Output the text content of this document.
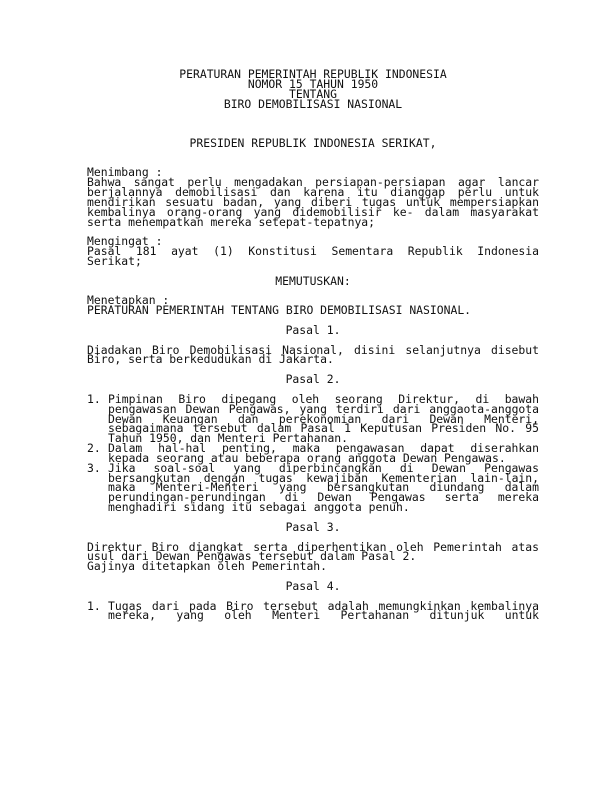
PERATURAN PEMERINTAH REPUBLIK INDONESIA
NOMOR 15 TAHUN 1950
TENTANG
BIRO DEMOBILISASI NASIONAL
PRESIDEN REPUBLIK INDONESIA SERIKAT,
Menimbang :
Bahwa sangat perlu mengadakan persiapan-persiapan agar lancar
berjalannya demobilisasi dan karena itu dianggap perlu untuk
mendirikan sesuatu badan, yang diberi tugas untuk mempersiapkan
kembalinya orang-orang yang didemobilisir ke- dalam masyarakat
serta menempatkan mereka setepat-tepatnya;
Mengingat :
Pasal 181 ayat (1) Konstitusi Sementara Republik Indonesia
Serikat;
MEMUTUSKAN:
Menetapkan :
PERATURAN PEMERINTAH TENTANG BIRO DEMOBILISASI NASIONAL.
Pasal 1.
Diadakan Biro Demobilisasi Nasional, disini selanjutnya disebut
Biro, serta berkedudukan di Jakarta.
Pasal 2.
1. Pimpinan Biro dipegang oleh seorang Direktur, di bawah
pengawasan Dewan Pengawas, yang terdiri dari anggaota-anggota
Dewan Keuangan dan perekonomian dari Dewan Menteri,
sebagaimana tersebut dalam Pasal 1 Keputusan Presiden No. 95
Tahun 1950, dan Menteri Pertahanan.
2. Dalam hal-hal penting, maka pengawasan dapat diserahkan
kepada seorang atau beberapa orang anggota Dewan Pengawas.
3. Jika soal-soal yang diperbincangkan di Dewan Pengawas
bersangkutan dengan tugas kewajiban Kementerian lain-lain,
maka Menteri-Menteri yang bersangkutan diundang dalam
perundingan-perundingan di Dewan Pengawas serta mereka
menghadiri sidang itu sebagai anggota penuh.
Pasal 3.
Direktur Biro diangkat serta diperhentikan oleh Pemerintah atas
usul dari Dewan Pengawas tersebut dalam Pasal 2.
Gajinya ditetapkan oleh Pemerintah.
Pasal 4.
1. Tugas dari pada Biro tersebut adalah memungkinkan kembalinya
mereka, yang oleh Menteri Pertahanan ditunjuk untuk
